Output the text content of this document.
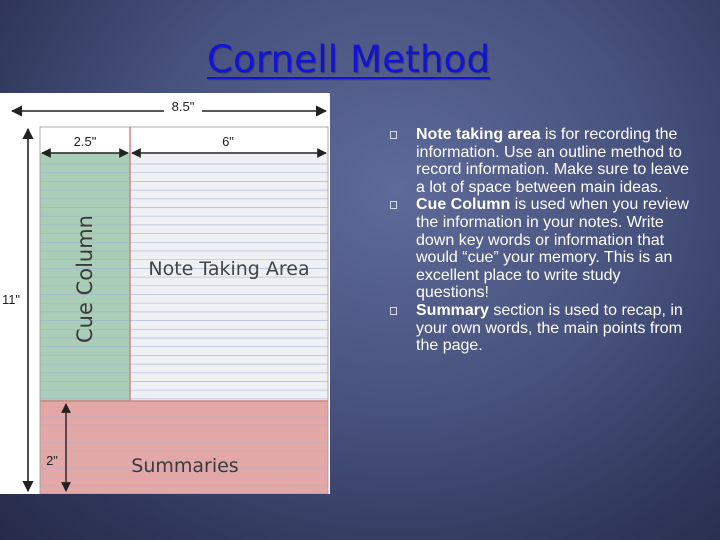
Cornell Method
8.5"
2.5"	6"
11"
2"
Cue Column	Note Taking Area
Summaries
Note taking area is for recording the information. Use an outline method to record information. Make sure to leave a lot of space between main ideas.
Cue Column is used when you review the information in your notes. Write down key words or information that would “cue” your memory. This is an excellent place to write study questions!
Summary section is used to recap, in your own words, the main points from the page.
